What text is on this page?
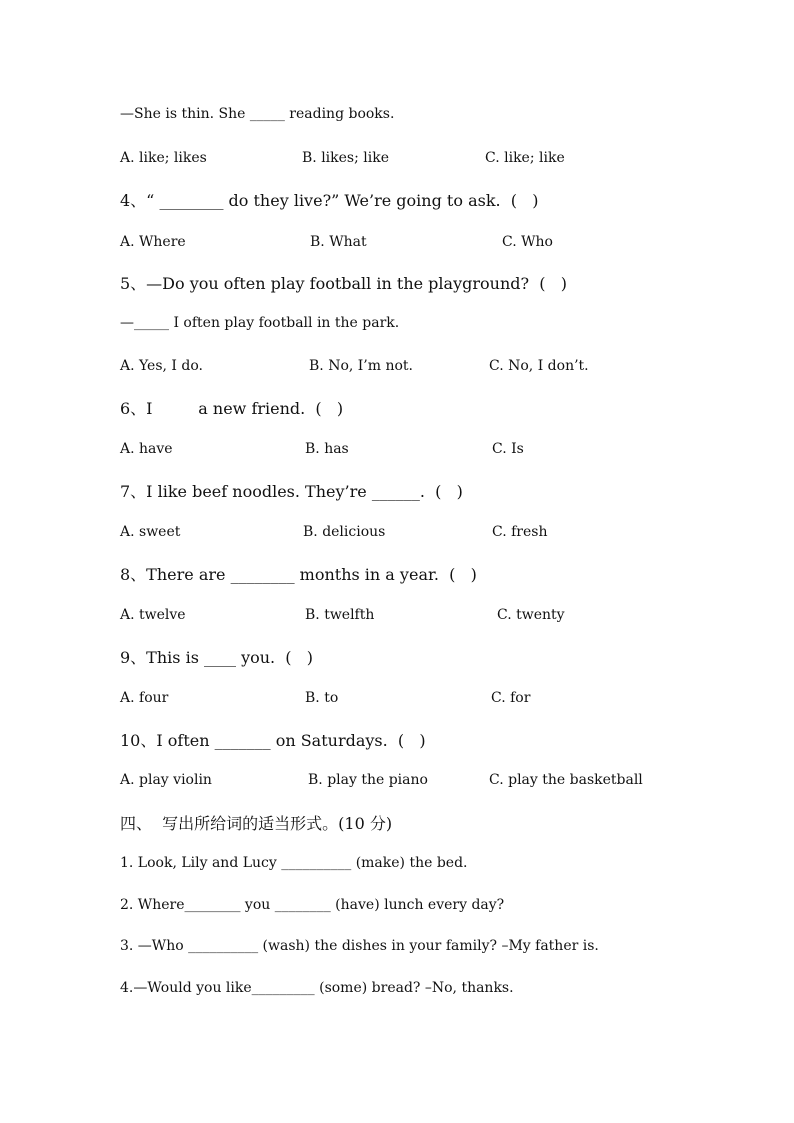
—She is thin. She _____ reading books.
A. like; likes	B. likes; like	C. like; like
4、“ ________ do they live?” We’re going to ask.  (   )
A. Where	B. What	C. Who
5、—Do you often play football in the playground?  (   )
—_____ I often play football in the park.
A. Yes, I do.	B. No, I’m not.	C. No, I don’t.
6、I         a new friend.  (   )
A. have	B. has	C. Is
7、I like beef noodles. They’re ______.  (   )
A. sweet	B. delicious	C. fresh
8、There are ________ months in a year.  (   )
A. twelve	B. twelfth	C. twenty
9、This is ____ you.  (   )
A. four	B. to	C. for
10、I often _______ on Saturdays.  (   )
A. play violin	B. play the piano	C. play the basketball
四、  写出所给词的适当形式。(10 分)
1. Look, Lily and Lucy __________ (make) the bed.
2. Where________ you ________ (have) lunch every day?
3. —Who __________ (wash) the dishes in your family? –My father is.
4.—Would you like_________ (some) bread? –No, thanks.
